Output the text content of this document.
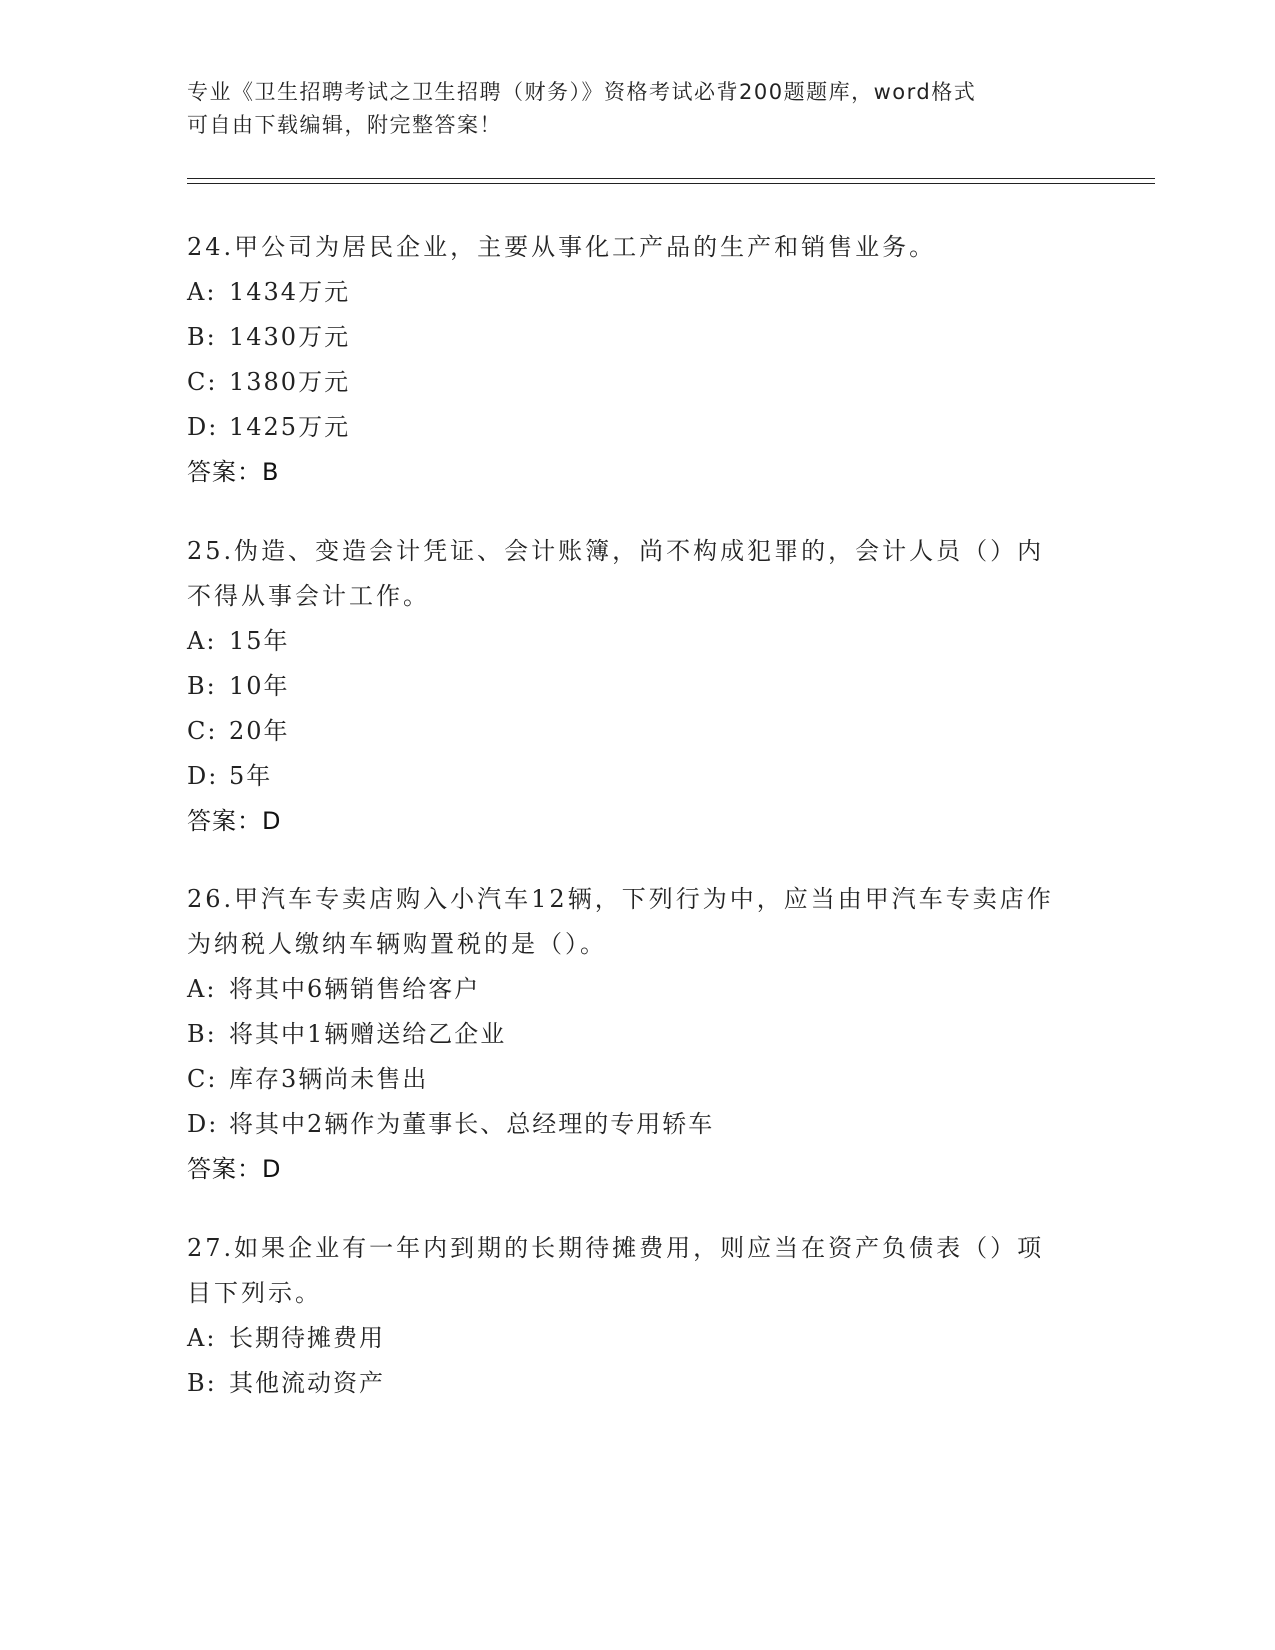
专业《卫生招聘考试之卫生招聘（财务）》资格考试必背200题题库，word格式
可自由下载编辑，附完整答案！
24.甲公司为居民企业，主要从事化工产品的生产和销售业务。
A: 1434万元
B: 1430万元
C: 1380万元
D: 1425万元
答案：B
25.伪造、变造会计凭证、会计账簿，尚不构成犯罪的，会计人员（）内不得从事会计工作。
A: 15年
B: 10年
C: 20年
D: 5年
答案：D
26.甲汽车专卖店购入小汽车12辆，下列行为中，应当由甲汽车专卖店作为纳税人缴纳车辆购置税的是（）。
A: 将其中6辆销售给客户
B: 将其中1辆赠送给乙企业
C: 库存3辆尚未售出
D: 将其中2辆作为董事长、总经理的专用轿车
答案：D
27.如果企业有一年内到期的长期待摊费用，则应当在资产负债表（）项目下列示。
A: 长期待摊费用
B: 其他流动资产
